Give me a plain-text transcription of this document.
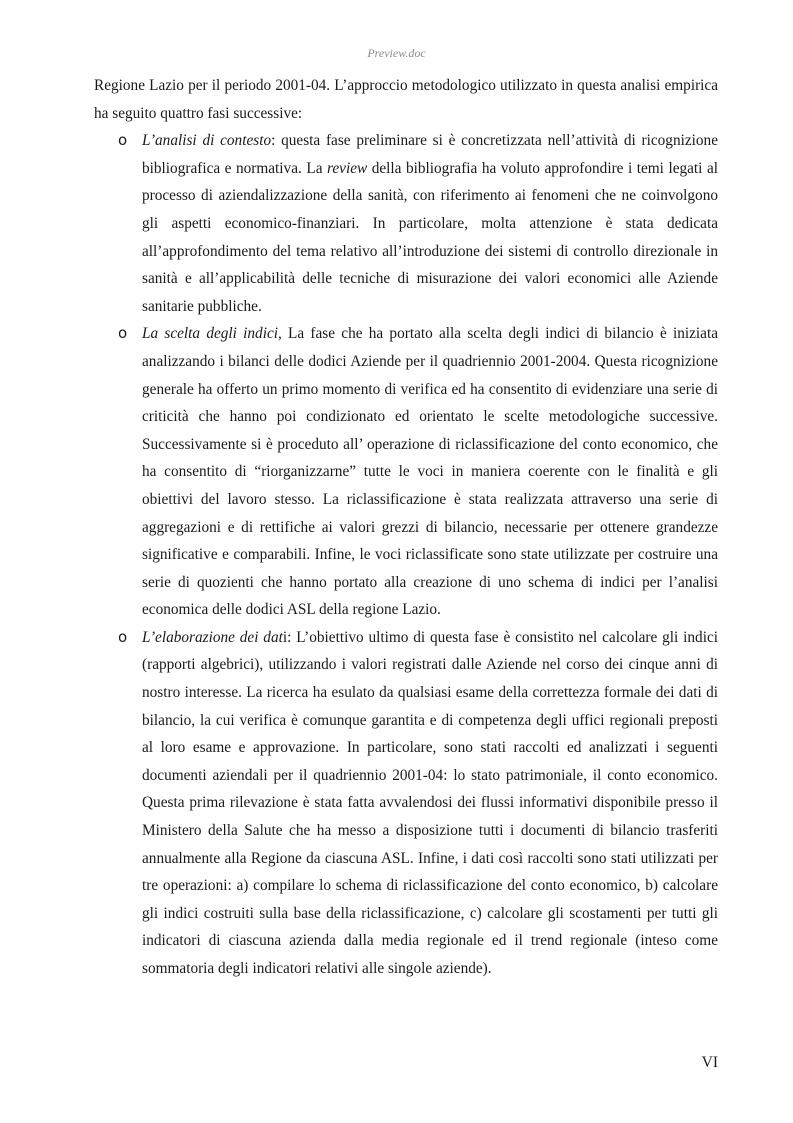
Preview.doc

Regione Lazio per il periodo 2001-04. L’approccio metodologico utilizzato in questa analisi empirica ha seguito quattro fasi successive:

o L’analisi di contesto: questa fase preliminare si è concretizzata nell’attività di ricognizione bibliografica e normativa. La review della bibliografia ha voluto approfondire i temi legati al processo di aziendalizzazione della sanità, con riferimento ai fenomeni che ne coinvolgono gli aspetti economico-finanziari. In particolare, molta attenzione è stata dedicata all’approfondimento del tema relativo all’introduzione dei sistemi di controllo direzionale in sanità e all’applicabilità delle tecniche di misurazione dei valori economici alle Aziende sanitarie pubbliche.
o La scelta degli indici, La fase che ha portato alla scelta degli indici di bilancio è iniziata analizzando i bilanci delle dodici Aziende per il quadriennio 2001-2004. Questa ricognizione generale ha offerto un primo momento di verifica ed ha consentito di evidenziare una serie di criticità che hanno poi condizionato ed orientato le scelte metodologiche successive. Successivamente si è proceduto all’ operazione di riclassificazione del conto economico, che ha consentito di “riorganizzarne” tutte le voci in maniera coerente con le finalità e gli obiettivi del lavoro stesso. La riclassificazione è stata realizzata attraverso una serie di aggregazioni e di rettifiche ai valori grezzi di bilancio, necessarie per ottenere grandezze significative e comparabili. Infine, le voci riclassificate sono state utilizzate per costruire una serie di quozienti che hanno portato alla creazione di uno schema di indici per l’analisi economica delle dodici ASL della regione Lazio.
o L’elaborazione dei dati: L’obiettivo ultimo di questa fase è consistito nel calcolare gli indici (rapporti algebrici), utilizzando i valori registrati dalle Aziende nel corso dei cinque anni di nostro interesse. La ricerca ha esulato da qualsiasi esame della correttezza formale dei dati di bilancio, la cui verifica è comunque garantita e di competenza degli uffici regionali preposti al loro esame e approvazione. In particolare, sono stati raccolti ed analizzati i seguenti documenti aziendali per il quadriennio 2001-04: lo stato patrimoniale, il conto economico. Questa prima rilevazione è stata fatta avvalendosi dei flussi informativi disponibile presso il Ministero della Salute che ha messo a disposizione tutti i documenti di bilancio trasferiti annualmente alla Regione da ciascuna ASL. Infine, i dati così raccolti sono stati utilizzati per tre operazioni: a) compilare lo schema di riclassificazione del conto economico, b) calcolare gli indici costruiti sulla base della riclassificazione, c) calcolare gli scostamenti per tutti gli indicatori di ciascuna azienda dalla media regionale ed il trend regionale (inteso come sommatoria degli indicatori relativi alle singole aziende).
VI
